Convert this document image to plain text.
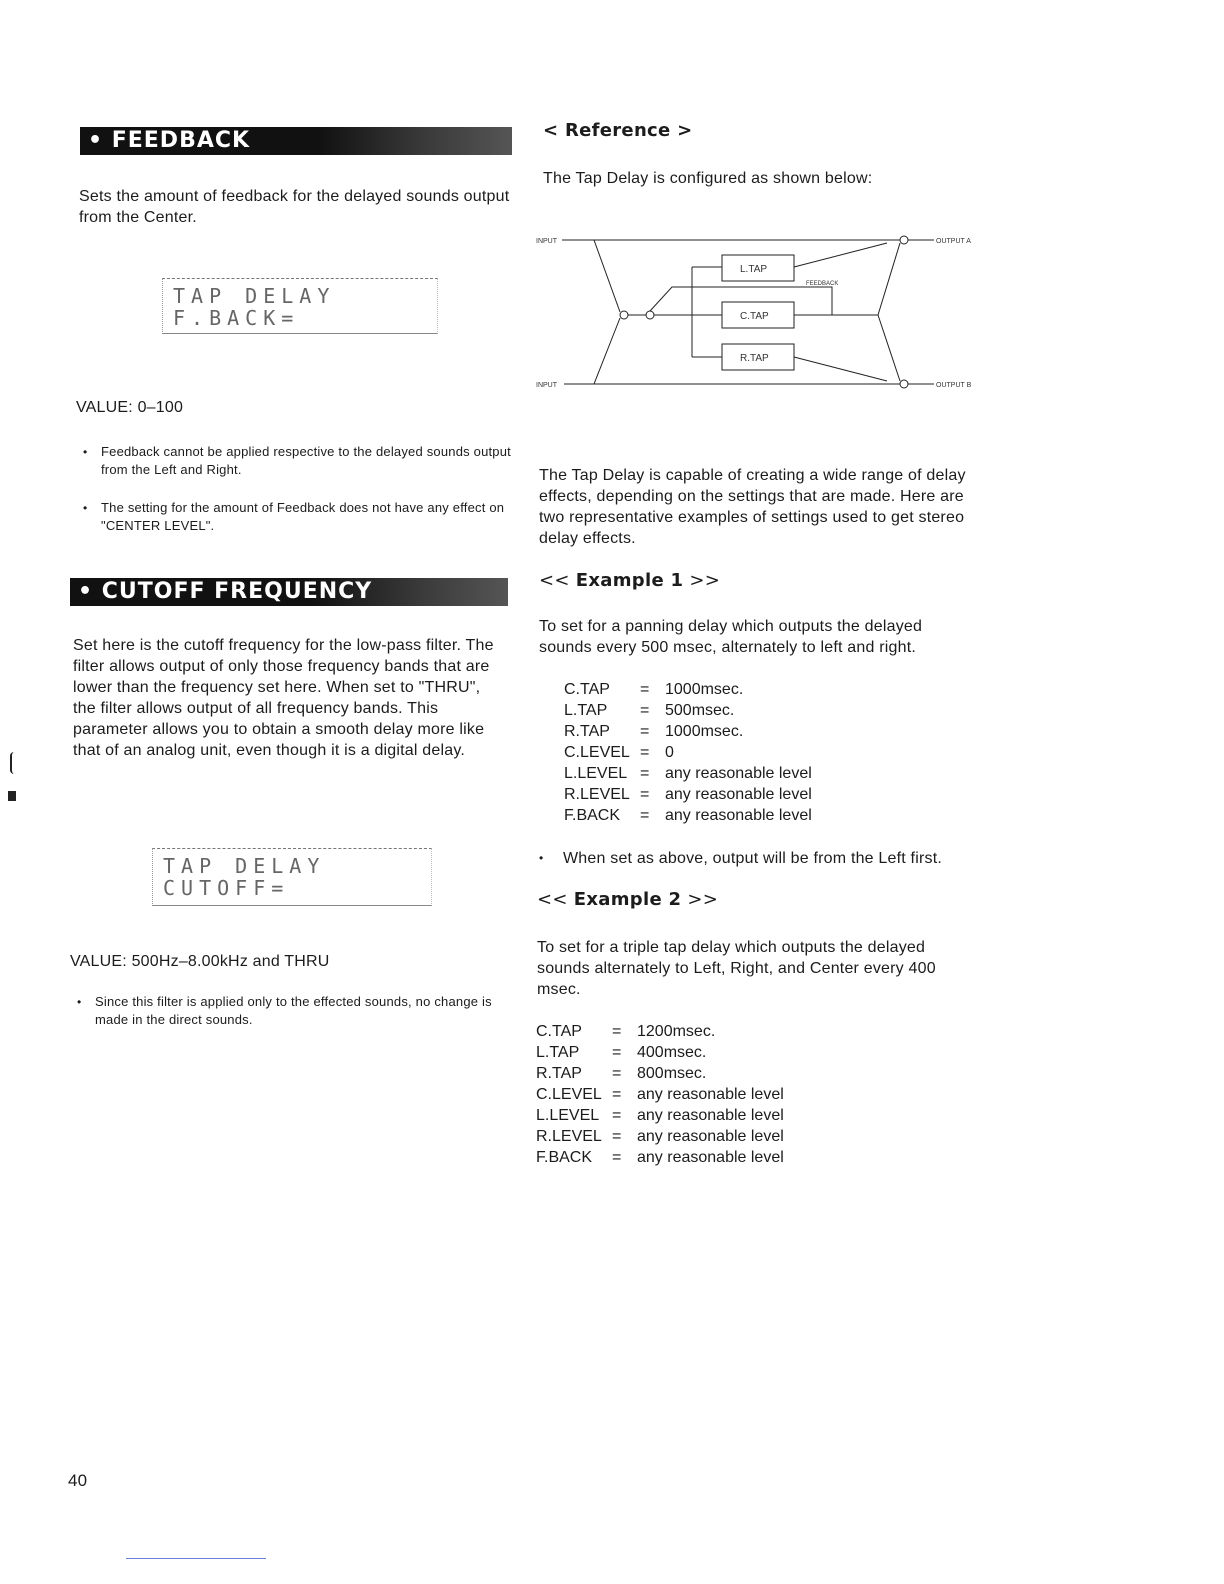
• FEEDBACK
Sets the amount of feedback for the delayed sounds output from the Center.
TAP DELAY
F.BACK=
VALUE: 0–100
• Feedback cannot be applied respective to the delayed sounds output from the Left and Right.
• The setting for the amount of Feedback does not have any effect on "CENTER LEVEL".
• CUTOFF FREQUENCY
Set here is the cutoff frequency for the low-pass filter. The filter allows output of only those frequency bands that are lower than the frequency set here. When set to "THRU", the filter allows output of all frequency bands. This parameter allows you to obtain a smooth delay more like that of an analog unit, even though it is a digital delay.
TAP DELAY
CUTOFF=
VALUE: 500Hz–8.00kHz and THRU
• Since this filter is applied only to the effected sounds, no change is made in the direct sounds.
< Reference >
The Tap Delay is configured as shown below:
INPUT
INPUT
OUTPUT A
OUTPUT B
L.TAP
C.TAP
R.TAP
FEEDBACK
The Tap Delay is capable of creating a wide range of delay effects, depending on the settings that are made. Here are two representative examples of settings used to get stereo delay effects.
<< Example 1 >>
To set for a panning delay which outputs the delayed sounds every 500 msec, alternately to left and right.
C.TAP	=	1000msec.
L.TAP	=	500msec.
R.TAP	=	1000msec.
C.LEVEL	=	0
L.LEVEL	=	any reasonable level
R.LEVEL	=	any reasonable level
F.BACK	=	any reasonable level
• When set as above, output will be from the Left first.
<< Example 2 >>
To set for a triple tap delay which outputs the delayed sounds alternately to Left, Right, and Center every 400 msec.
C.TAP	=	1200msec.
L.TAP	=	400msec.
R.TAP	=	800msec.
C.LEVEL	=	any reasonable level
L.LEVEL	=	any reasonable level
R.LEVEL	=	any reasonable level
F.BACK	=	any reasonable level
40
